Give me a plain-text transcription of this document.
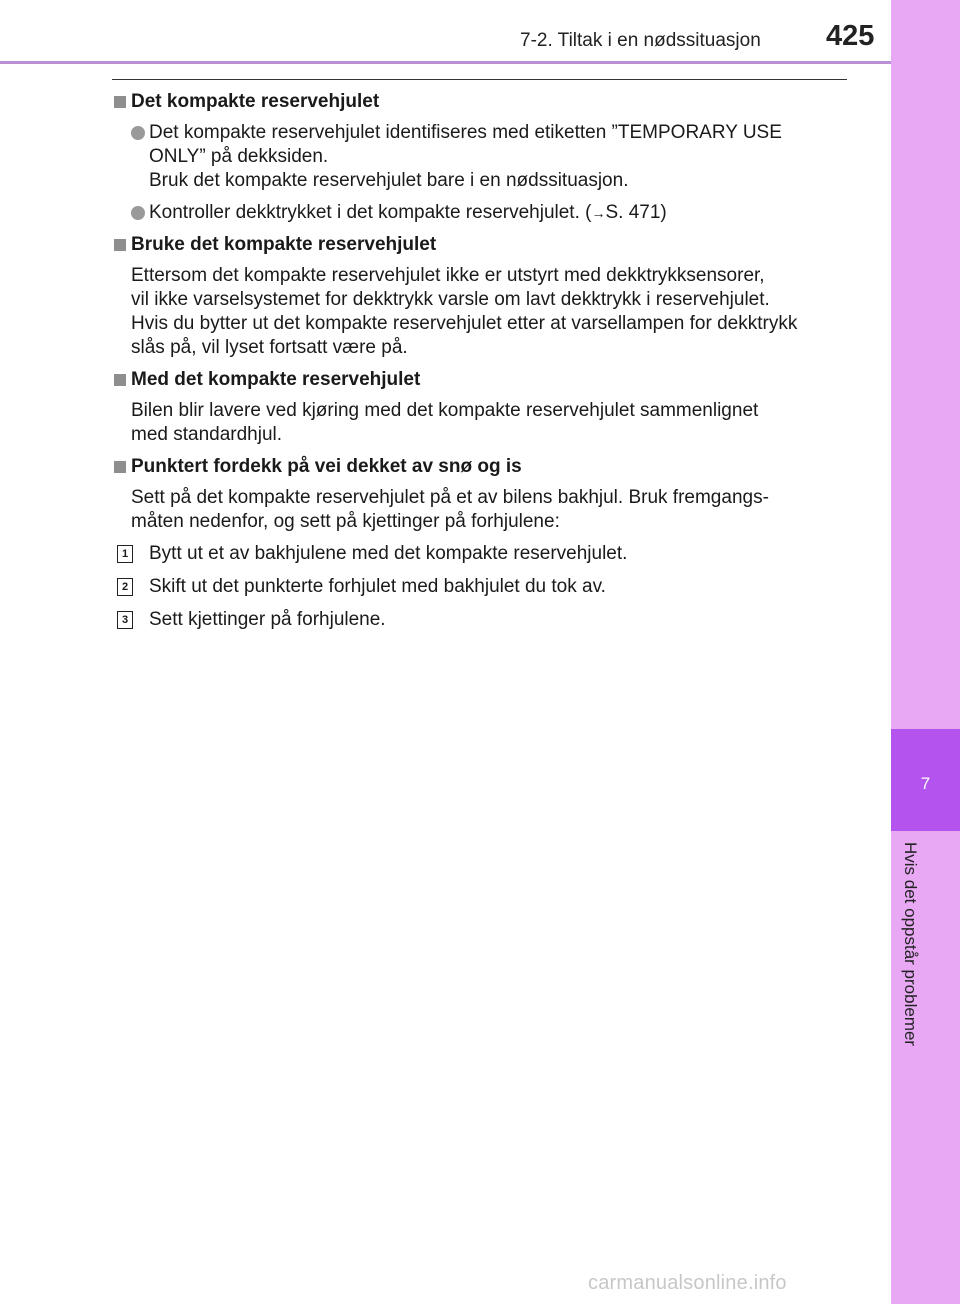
7
Hvis det oppstår problemer
7-2. Tiltak i en nødssituasjon 425
Det kompakte reservehjulet
Det kompakte reservehjulet identifiseres med etiketten ”TEMPORARY USE
ONLY” på dekksiden.
Bruk det kompakte reservehjulet bare i en nødssituasjon.
Kontroller dekktrykket i det kompakte reservehjulet. (→S. 471)
Bruke det kompakte reservehjulet
Ettersom det kompakte reservehjulet ikke er utstyrt med dekktrykksensorer,
vil ikke varselsystemet for dekktrykk varsle om lavt dekktrykk i reservehjulet.
Hvis du bytter ut det kompakte reservehjulet etter at varsellampen for dekktrykk
slås på, vil lyset fortsatt være på.
Med det kompakte reservehjulet
Bilen blir lavere ved kjøring med det kompakte reservehjulet sammenlignet
med standardhjul.
Punktert fordekk på vei dekket av snø og is
Sett på det kompakte reservehjulet på et av bilens bakhjul. Bruk fremgangs-
måten nedenfor, og sett på kjettinger på forhjulene:
1 Bytt ut et av bakhjulene med det kompakte reservehjulet.
2 Skift ut det punkterte forhjulet med bakhjulet du tok av.
3 Sett kjettinger på forhjulene.
carmanualsonline.info
